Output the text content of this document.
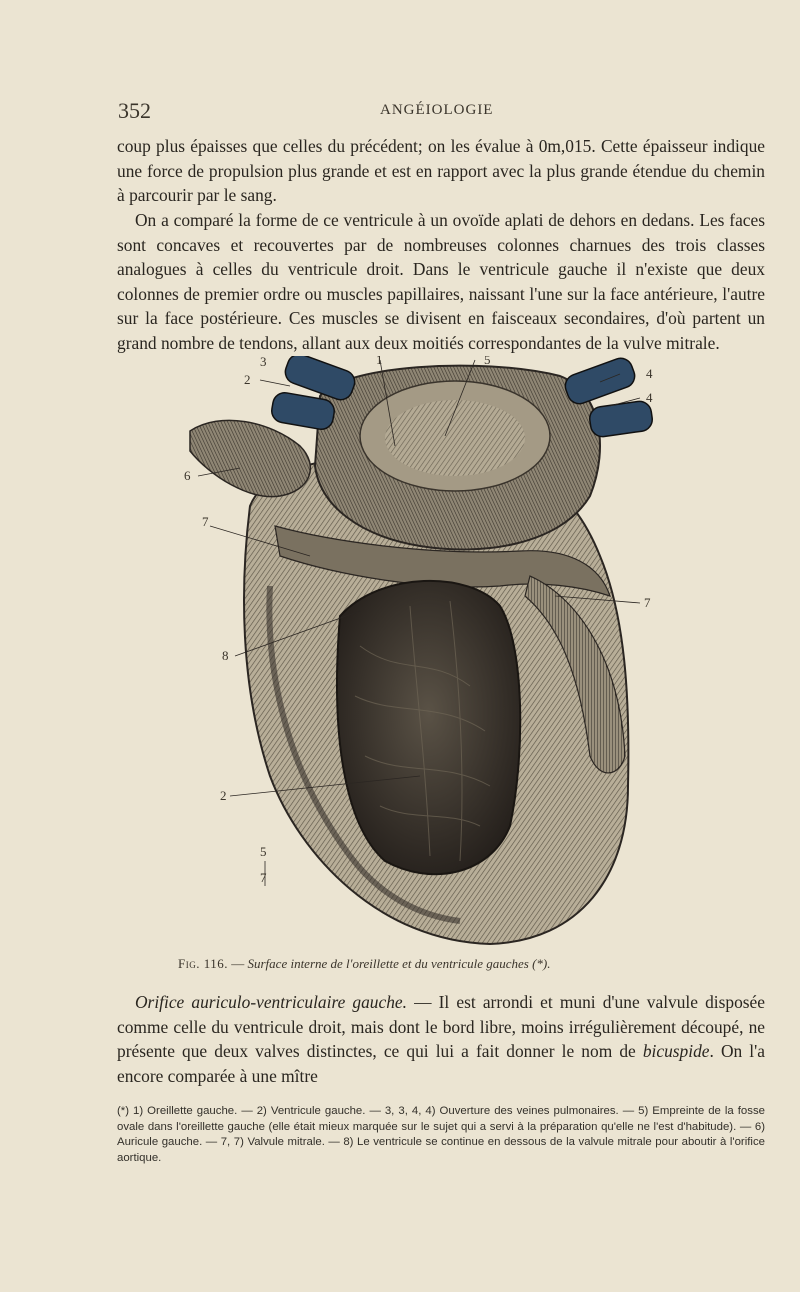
352	ANGÉIOLOGIE

coup plus épaisses que celles du précédent; on les évalue à 0m,015. Cette épaisseur indique une force de propulsion plus grande et est en rapport avec la plus grande étendue du chemin à parcourir par le sang.

On a comparé la forme de ce ventricule à un ovoïde aplati de dehors en dedans. Les faces sont concaves et recouvertes par de nombreuses colonnes charnues des trois classes analogues à celles du ventricule droit. Dans le ventricule gauche il n'existe que deux colonnes de premier ordre ou muscles papillaires, naissant l'une sur la face antérieure, l'autre sur la face postérieure. Ces muscles se divisent en faisceaux secondaires, d'où partent un grand nombre de tendons, allant aux deux moitiés correspondantes de la vulve mitrale.

1	5
3
2	4
4
6
7
7
8
2
5
7
Fig. 116. — Surface interne de l'oreillette et du ventricule gauches (*).

Orifice auriculo-ventriculaire gauche. — Il est arrondi et muni d'une valvule disposée comme celle du ventricule droit, mais dont le bord libre, moins irrégulièrement découpé, ne présente que deux valves distinctes, ce qui lui a fait donner le nom de bicuspide. On l'a encore comparée à une mître

(*) 1) Oreillette gauche. — 2) Ventricule gauche. — 3, 3, 4, 4) Ouverture des veines pulmonaires. — 5) Empreinte de la fosse ovale dans l'oreillette gauche (elle était mieux marquée sur le sujet qui a servi à la préparation qu'elle ne l'est d'habitude). — 6) Auricule gauche. — 7, 7) Valvule mitrale. — 8) Le ventricule se continue en dessous de la valvule mitrale pour aboutir à l'orifice aortique.
